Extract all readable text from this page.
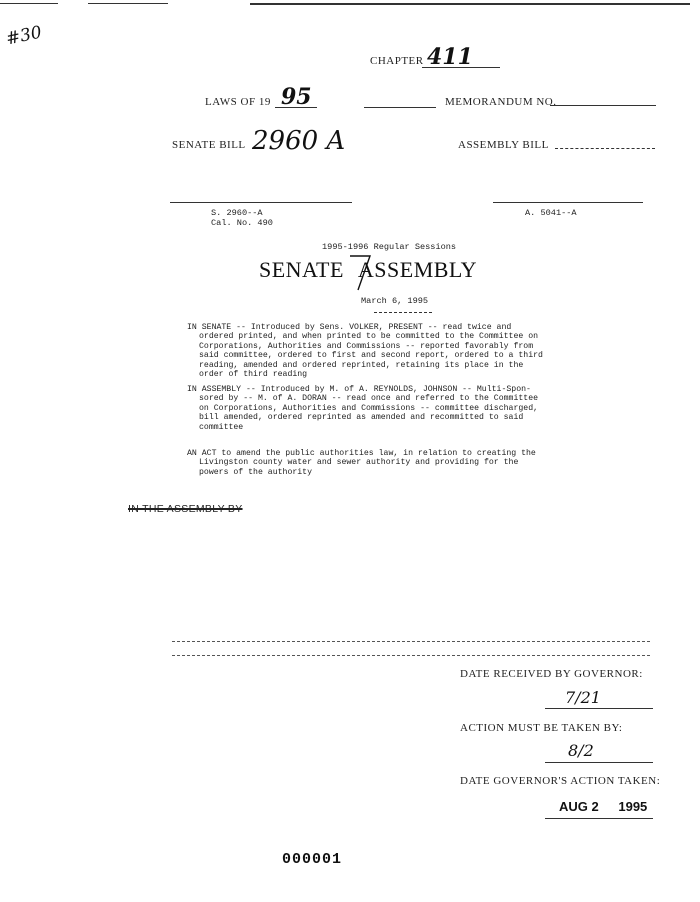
#30
CHAPTER 411
LAWS OF 19 95	MEMORANDUM NO.
SENATE BILL 2960 A	ASSEMBLY BILL
S. 2960--A
Cal. No. 490
A. 5041--A
1995-1996 Regular Sessions
SENATE ASSEMBLY
March 6, 1995

IN SENATE -- Introduced by Sens. VOLKER, PRESENT -- read twice and

ordered printed, and when printed to be committed to the Committee on

Corporations, Authorities and Commissions -- reported favorably from

said committee, ordered to first and second report, ordered to a third

reading, amended and ordered reprinted, retaining its place in the

order of third reading

IN ASSEMBLY -- Introduced by M. of A. REYNOLDS, JOHNSON -- Multi-Spon-

sored by -- M. of A. DORAN -- read once and referred to the Committee

on Corporations, Authorities and Commissions -- committee discharged,

bill amended, ordered reprinted as amended and recommitted to said

committee

AN ACT to amend the public authorities law, in relation to creating the

Livingston county water and sewer authority and providing for the

powers of the authority

IN THE ASSEMBLY BY
DATE RECEIVED BY GOVERNOR:
7/21
ACTION MUST BE TAKEN BY:
8/2
DATE GOVERNOR'S ACTION TAKEN:
AUG 2 1995
000001
